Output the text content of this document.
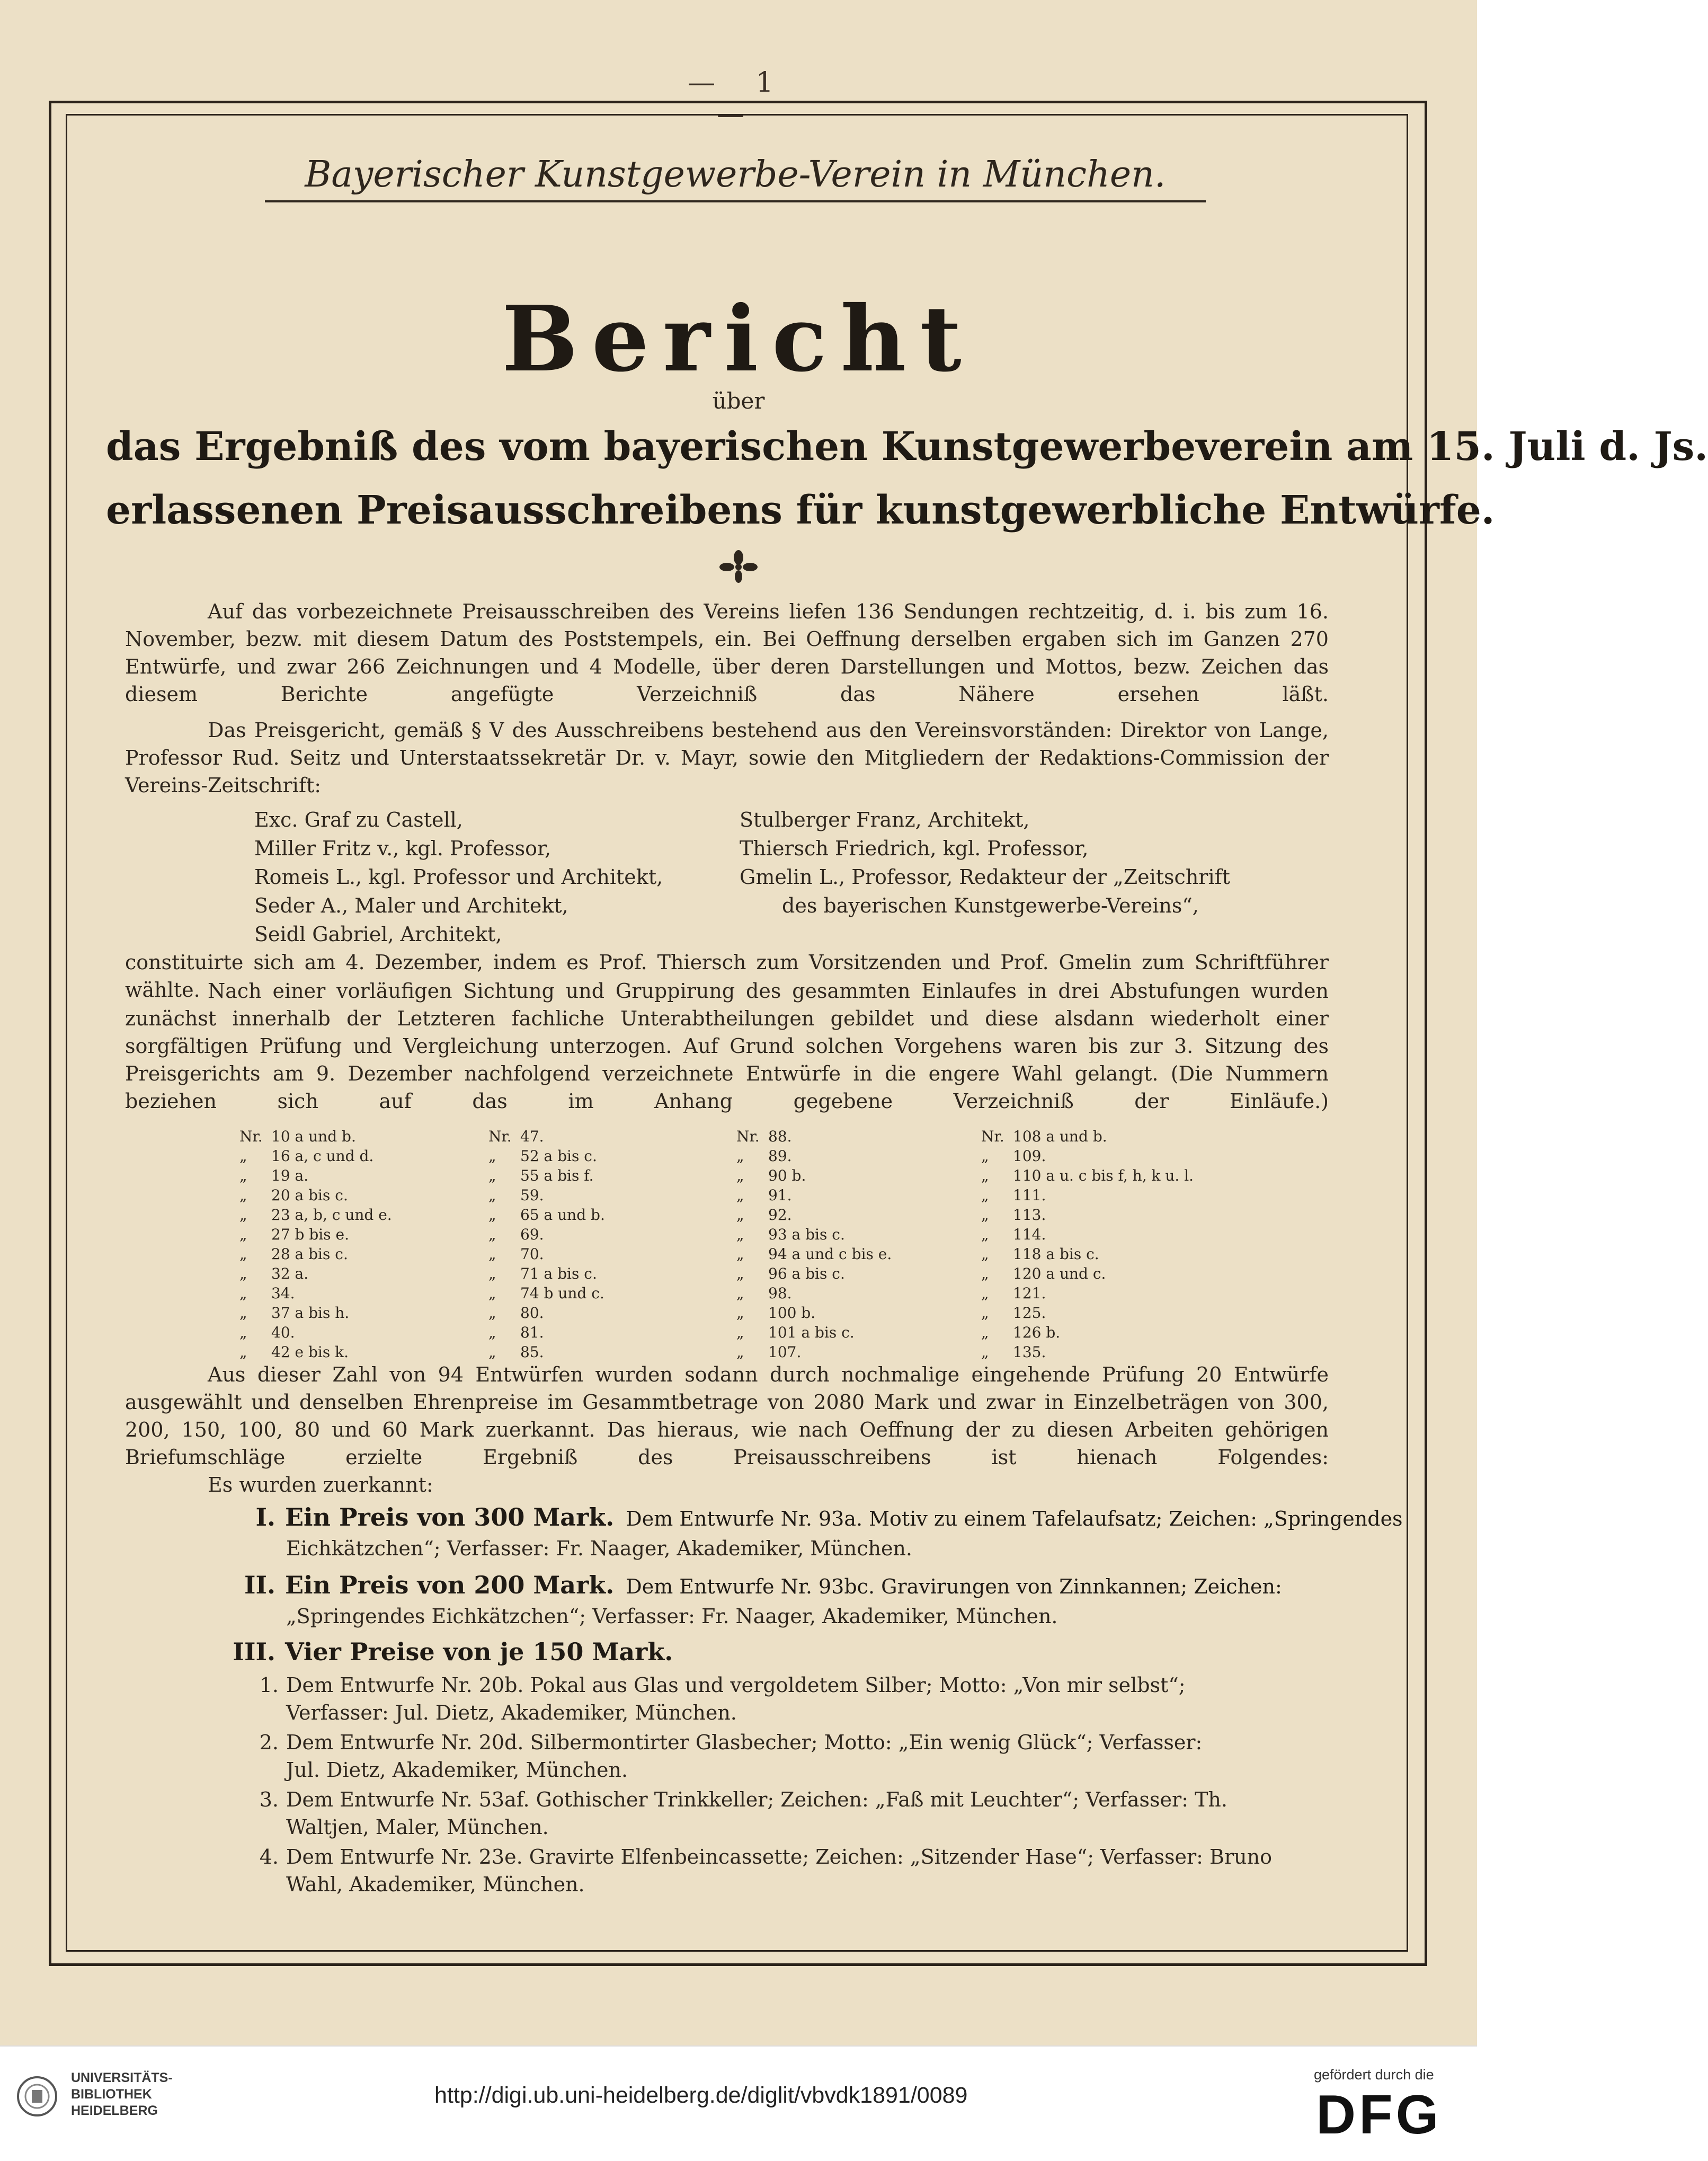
— 1 —
Bayerischer Kunstgewerbe-Verein in München.
Bericht
über
das Ergebniß des vom bayerischen Kunstgewerbeverein am 15. Juli d. Js.
erlassenen Preisausschreibens für kunstgewerbliche Entwürfe.
Auf das vorbezeichnete Preisausschreiben des Vereins liefen 136 Sendungen rechtzeitig, d. i. bis zum 16. November, bezw. mit diesem Datum des Poststempels, ein. Bei Oeffnung derselben ergaben sich im Ganzen 270 Entwürfe, und zwar 266 Zeichnungen und 4 Modelle, über deren Darstellungen und Mottos, bezw. Zeichen das diesem Berichte angefügte Verzeichniß das Nähere ersehen läßt.
Das Preisgericht, gemäß § V des Ausschreibens bestehend aus den Vereinsvorständen: Direktor von Lange, Professor Rud. Seitz und Unterstaatssekretär Dr. v. Mayr, sowie den Mitgliedern der Redaktions-Commission der Vereins-Zeitschrift:
Exc. Graf zu Castell,
Miller Fritz v., kgl. Professor,
Romeis L., kgl. Professor und Architekt,
Seder A., Maler und Architekt,
Seidl Gabriel, Architekt,
Stulberger Franz, Architekt,
Thiersch Friedrich, kgl. Professor,
Gmelin L., Professor, Redakteur der „Zeitschrift
des bayerischen Kunstgewerbe-Vereins“,
constituirte sich am 4. Dezember, indem es Prof. Thiersch zum Vorsitzenden und Prof. Gmelin zum Schriftführer wählte. Nach einer vorläufigen Sichtung und Gruppirung des gesammten Einlaufes in drei Abstufungen wurden zunächst innerhalb der Letzteren fachliche Unterabtheilungen gebildet und diese alsdann wiederholt einer sorgfältigen Prüfung und Vergleichung unterzogen. Auf Grund solchen Vorgehens waren bis zur 3. Sitzung des Preisgerichts am 9. Dezember nachfolgend verzeichnete Entwürfe in die engere Wahl gelangt. (Die Nummern beziehen sich auf das im Anhang gegebene Verzeichniß der Einläufe.)
Nr. 10 a und b.
„ 16 a, c und d.
„ 19 a.
„ 20 a bis c.
„ 23 a, b, c und e.
„ 27 b bis e.
„ 28 a bis c.
„ 32 a.
„ 34.
„ 37 a bis h.
„ 40.
„ 42 e bis k.
Nr. 47.
„ 52 a bis c.
„ 55 a bis f.
„ 59.
„ 65 a und b.
„ 69.
„ 70.
„ 71 a bis c.
„ 74 b und c.
„ 80.
„ 81.
„ 85.
Nr. 88.
„ 89.
„ 90 b.
„ 91.
„ 92.
„ 93 a bis c.
„ 94 a und c bis e.
„ 96 a bis c.
„ 98.
„ 100 b.
„ 101 a bis c.
„ 107.
Nr. 108 a und b.
„ 109.
„ 110 a u. c bis f, h, k u. l.
„ 111.
„ 113.
„ 114.
„ 118 a bis c.
„ 120 a und c.
„ 121.
„ 125.
„ 126 b.
„ 135.
Aus dieser Zahl von 94 Entwürfen wurden sodann durch nochmalige eingehende Prüfung 20 Entwürfe ausgewählt und denselben Ehrenpreise im Gesammtbetrage von 2080 Mark und zwar in Einzelbeträgen von 300, 200, 150, 100, 80 und 60 Mark zuerkannt. Das hieraus, wie nach Oeffnung der zu diesen Arbeiten gehörigen Briefumschläge erzielte Ergebniß des Preisausschreibens ist hienach Folgendes:
Es wurden zuerkannt:
I. Ein Preis von 300 Mark. Dem Entwurfe Nr. 93a. Motiv zu einem Tafelaufsatz; Zeichen: „Springendes
Eichkätzchen“; Verfasser: Fr. Naager, Akademiker, München.
II. Ein Preis von 200 Mark. Dem Entwurfe Nr. 93bc. Gravirungen von Zinnkannen; Zeichen:
„Springendes Eichkätzchen“; Verfasser: Fr. Naager, Akademiker, München.
III. Vier Preise von je 150 Mark.
1. Dem Entwurfe Nr. 20b. Pokal aus Glas und vergoldetem Silber; Motto: „Von mir selbst“;
Verfasser: Jul. Dietz, Akademiker, München.
2. Dem Entwurfe Nr. 20d. Silbermontirter Glasbecher; Motto: „Ein wenig Glück“; Verfasser:
Jul. Dietz, Akademiker, München.
3. Dem Entwurfe Nr. 53af. Gothischer Trinkkeller; Zeichen: „Faß mit Leuchter“; Verfasser: Th.
Waltjen, Maler, München.
4. Dem Entwurfe Nr. 23e. Gravirte Elfenbeincassette; Zeichen: „Sitzender Hase“; Verfasser: Bruno
Wahl, Akademiker, München.
UNIVERSITÄTS-
BIBLIOTHEK
HEIDELBERG
http://digi.ub.uni-heidelberg.de/diglit/vbvdk1891/0089
gefördert durch die
DFG
